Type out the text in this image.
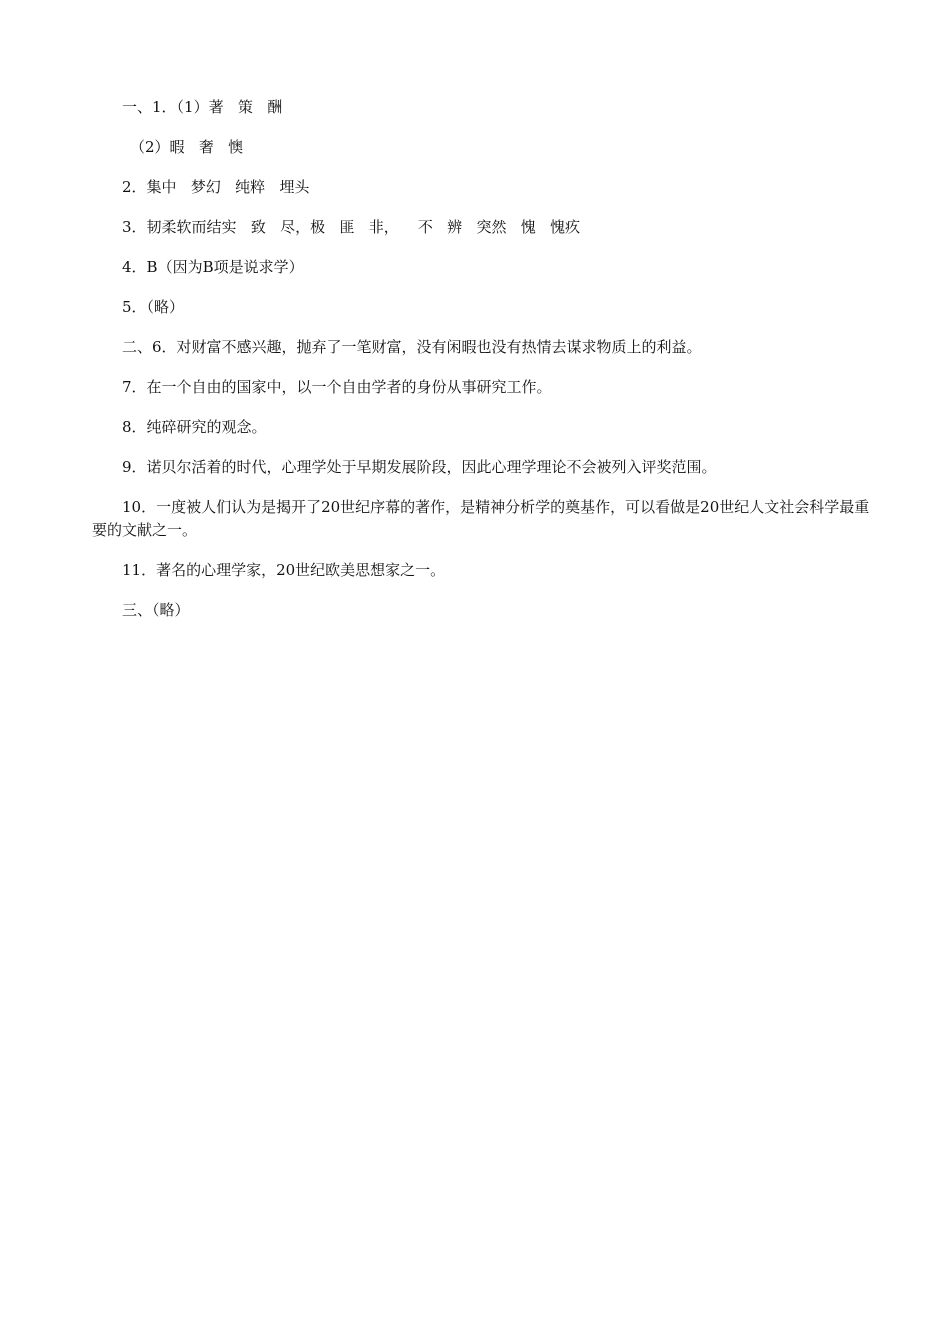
一、1．（1）著   策   酬

（2）暇   奢   懊

2．集中   梦幻   纯粹   埋头

3．韧柔软而结实   致   尽，极   匪   非，    不   辨   突然   愧   愧疚

4．B（因为B项是说求学）

5．（略）

二、6．对财富不感兴趣，抛弃了一笔财富，没有闲暇也没有热情去谋求物质上的利益。

7．在一个自由的国家中，以一个自由学者的身份从事研究工作。

8．纯碎研究的观念。

9．诺贝尔活着的时代，心理学处于早期发展阶段，因此心理学理论不会被列入评奖范围。

10．一度被人们认为是揭开了20世纪序幕的著作，是精神分析学的奠基作，可以看做是20世纪人文社会科学最重要的文献之一。

11．著名的心理学家，20世纪欧美思想家之一。

三、（略）
